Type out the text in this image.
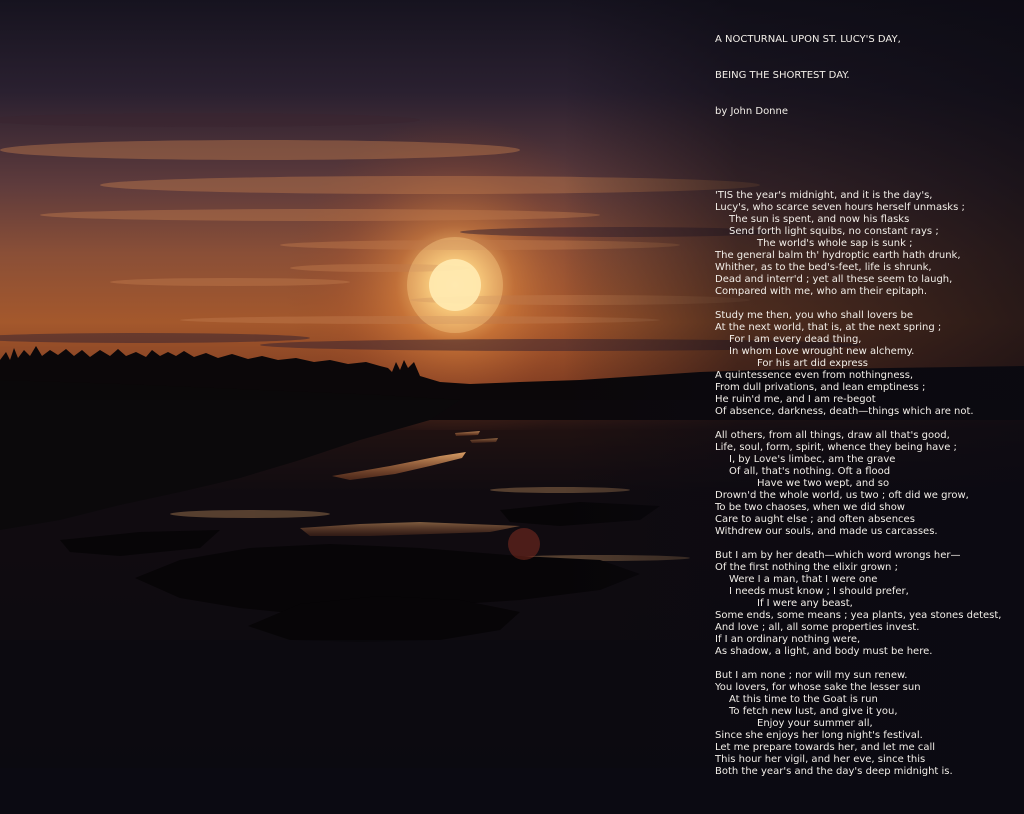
A NOCTURNAL UPON ST. LUCY'S DAY,

BEING THE SHORTEST DAY.

by John Donne

'TIS the year's midnight, and it is the day's,
Lucy's, who scarce seven hours herself unmasks ;
The sun is spent, and now his flasks
Send forth light squibs, no constant rays ;
The world's whole sap is sunk ;
The general balm th' hydroptic earth hath drunk,
Whither, as to the bed's-feet, life is shrunk,
Dead and interr'd ; yet all these seem to laugh,
Compared with me, who am their epitaph.
Study me then, you who shall lovers be
At the next world, that is, at the next spring ;
For I am every dead thing,
In whom Love wrought new alchemy.
For his art did express
A quintessence even from nothingness,
From dull privations, and lean emptiness ;
He ruin'd me, and I am re-begot
Of absence, darkness, death—things which are not.
All others, from all things, draw all that's good,
Life, soul, form, spirit, whence they being have ;
I, by Love's limbec, am the grave
Of all, that's nothing. Oft a flood
Have we two wept, and so
Drown'd the whole world, us two ; oft did we grow,
To be two chaoses, when we did show
Care to aught else ; and often absences
Withdrew our souls, and made us carcasses.
But I am by her death—which word wrongs her—
Of the first nothing the elixir grown ;
Were I a man, that I were one
I needs must know ; I should prefer,
If I were any beast,
Some ends, some means ; yea plants, yea stones detest,
And love ; all, all some properties invest.
If I an ordinary nothing were,
As shadow, a light, and body must be here.
But I am none ; nor will my sun renew.
You lovers, for whose sake the lesser sun
At this time to the Goat is run
To fetch new lust, and give it you,
Enjoy your summer all,
Since she enjoys her long night's festival.
Let me prepare towards her, and let me call
This hour her vigil, and her eve, since this
Both the year's and the day's deep midnight is.
